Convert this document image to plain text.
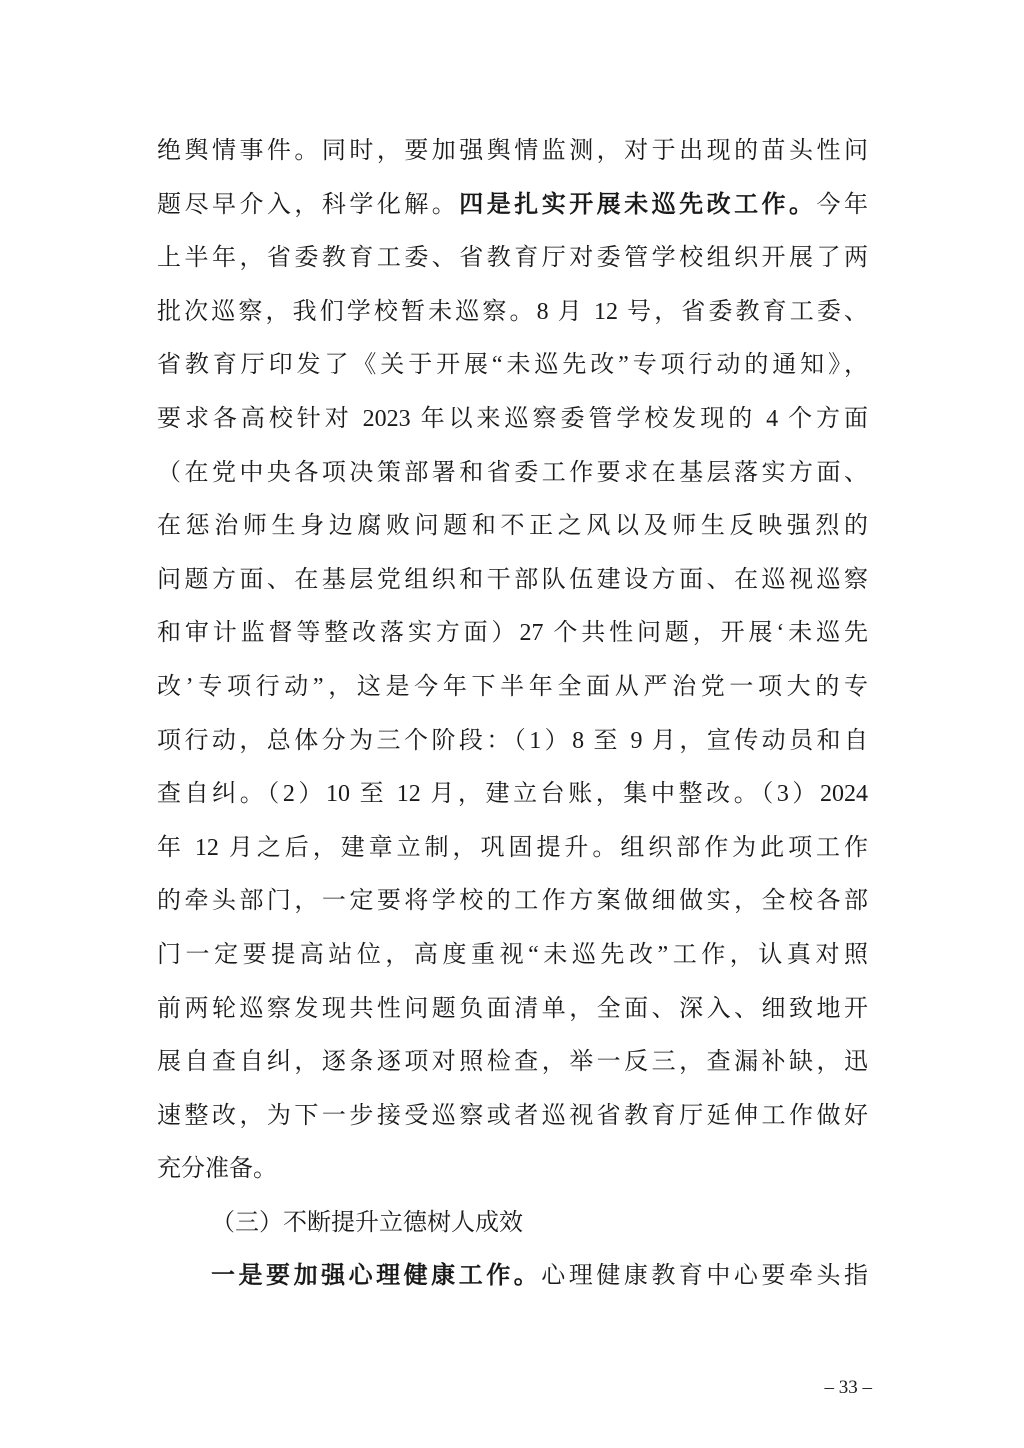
绝舆情事件。同时，要加强舆情监测，对于出现的苗头性问
题尽早介入，科学化解。四是扎实开展未巡先改工作。今年
上半年，省委教育工委、省教育厅对委管学校组织开展了两
批次巡察，我们学校暂未巡察。8 月 12 号，省委教育工委、
省教育厅印发了《关于开展“未巡先改”专项行动的通知》，
要求各高校针对 2023 年以来巡察委管学校发现的 4 个方面
（在党中央各项决策部署和省委工作要求在基层落实方面、
在惩治师生身边腐败问题和不正之风以及师生反映强烈的
问题方面、在基层党组织和干部队伍建设方面、在巡视巡察
和审计监督等整改落实方面）27 个共性问题，开展‘未巡先
改’专项行动”，这是今年下半年全面从严治党一项大的专
项行动，总体分为三个阶段：（1）8 至 9 月，宣传动员和自
查自纠。（2）10 至 12 月，建立台账，集中整改。（3）2024
年 12 月之后，建章立制，巩固提升。组织部作为此项工作
的牵头部门，一定要将学校的工作方案做细做实，全校各部
门一定要提高站位，高度重视“未巡先改”工作，认真对照
前两轮巡察发现共性问题负面清单，全面、深入、细致地开
展自查自纠，逐条逐项对照检查，举一反三，查漏补缺，迅
速整改，为下一步接受巡察或者巡视省教育厅延伸工作做好
充分准备。
（三）不断提升立德树人成效
一是要加强心理健康工作。心理健康教育中心要牵头指
– 33 –
